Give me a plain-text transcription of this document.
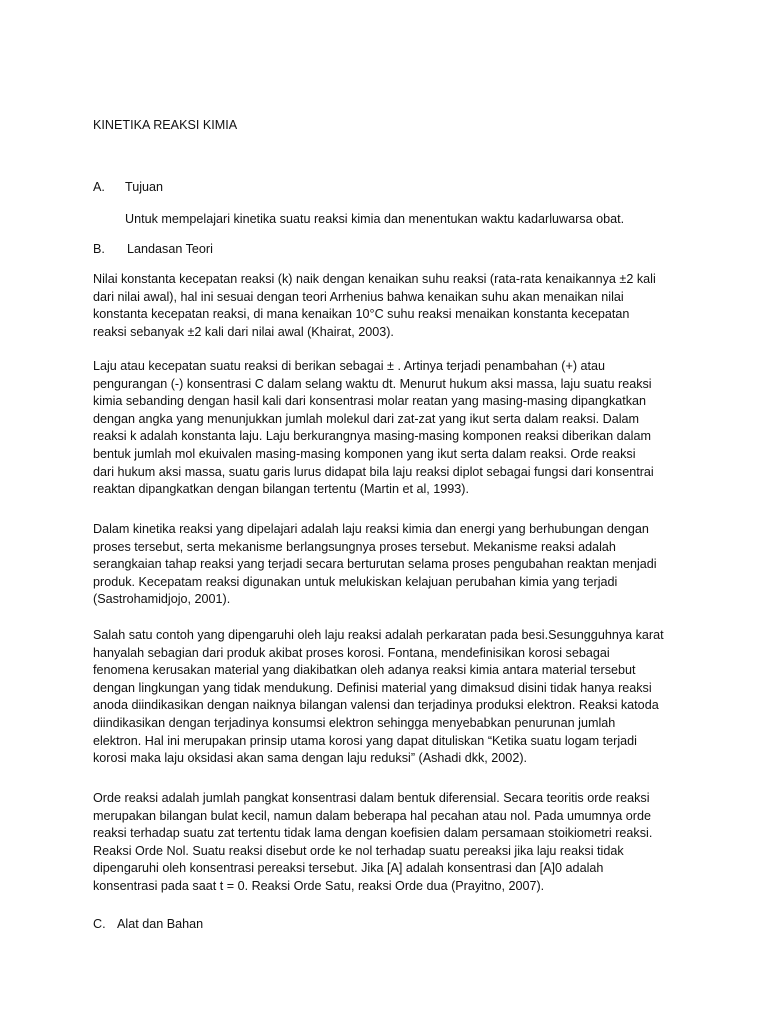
KINETIKA REAKSI KIMIA
A.	Tujuan
Untuk mempelajari kinetika suatu reaksi kimia dan menentukan waktu kadarluwarsa obat.
B.	Landasan Teori
Nilai konstanta kecepatan reaksi (k) naik dengan kenaikan suhu reaksi (rata-rata kenaikannya ±2 kali
dari nilai awal), hal ini sesuai dengan teori Arrhenius bahwa kenaikan suhu akan menaikan nilai
konstanta kecepatan reaksi, di mana kenaikan 10°C suhu reaksi menaikan konstanta kecepatan
reaksi sebanyak ±2 kali dari nilai awal (Khairat, 2003).
Laju atau kecepatan suatu reaksi di berikan sebagai ± . Artinya terjadi penambahan (+) atau
pengurangan (-) konsentrasi C dalam selang waktu dt. Menurut hukum aksi massa, laju suatu reaksi
kimia sebanding dengan hasil kali dari konsentrasi molar reatan yang masing-masing dipangkatkan
dengan angka yang menunjukkan jumlah molekul dari zat-zat yang ikut serta dalam reaksi. Dalam
reaksi k adalah konstanta laju. Laju berkurangnya masing-masing komponen reaksi diberikan dalam
bentuk jumlah mol ekuivalen masing-masing komponen yang ikut serta dalam reaksi. Orde reaksi
dari hukum aksi massa, suatu garis lurus didapat bila laju reaksi diplot sebagai fungsi dari konsentrai
reaktan dipangkatkan dengan bilangan tertentu (Martin et al, 1993).
Dalam kinetika reaksi yang dipelajari adalah laju reaksi kimia dan energi yang berhubungan dengan
proses tersebut, serta mekanisme berlangsungnya proses tersebut. Mekanisme reaksi adalah
serangkaian tahap reaksi yang terjadi secara berturutan selama proses pengubahan reaktan menjadi
produk. Kecepatam reaksi digunakan untuk melukiskan kelajuan perubahan kimia yang terjadi
(Sastrohamidjojo, 2001).
Salah satu contoh yang dipengaruhi oleh laju reaksi adalah perkaratan pada besi.Sesungguhnya karat
hanyalah sebagian dari produk akibat proses korosi. Fontana, mendefinisikan korosi sebagai
fenomena kerusakan material yang diakibatkan oleh adanya reaksi kimia antara material tersebut
dengan lingkungan yang tidak mendukung. Definisi material yang dimaksud disini tidak hanya reaksi
anoda diindikasikan dengan naiknya bilangan valensi dan terjadinya produksi elektron. Reaksi katoda
diindikasikan dengan terjadinya konsumsi elektron sehingga menyebabkan penurunan jumlah
elektron. Hal ini merupakan prinsip utama korosi yang dapat dituliskan “Ketika suatu logam terjadi
korosi maka laju oksidasi akan sama dengan laju reduksi” (Ashadi dkk, 2002).
Orde reaksi adalah jumlah pangkat konsentrasi dalam bentuk diferensial. Secara teoritis orde reaksi
merupakan bilangan bulat kecil, namun dalam beberapa hal pecahan atau nol. Pada umumnya orde
reaksi terhadap suatu zat tertentu tidak lama dengan koefisien dalam persamaan stoikiometri reaksi.
Reaksi Orde Nol. Suatu reaksi disebut orde ke nol terhadap suatu pereaksi jika laju reaksi tidak
dipengaruhi oleh konsentrasi pereaksi tersebut. Jika [A] adalah konsentrasi dan [A]0 adalah
konsentrasi pada saat t = 0. Reaksi Orde Satu, reaksi Orde dua (Prayitno, 2007).
C. Alat dan Bahan
